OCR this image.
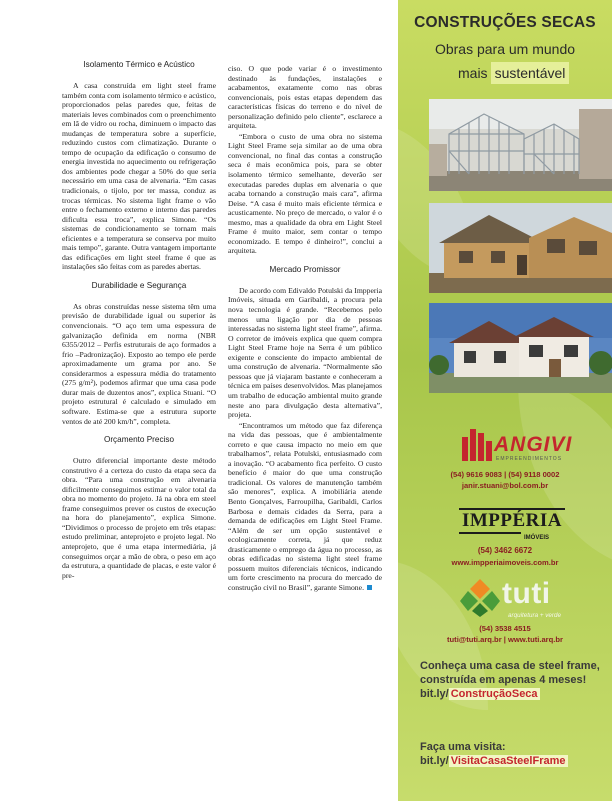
Isolamento Térmico e Acústico

A casa construída em light steel frame também conta com isolamento térmico e acústico, proporcionados pelas paredes que, feitas de materiais leves combinados com o preenchimento em lã de vidro ou rocha, diminuem o impacto das mudanças de temperatura sobre a superfície, reduzindo custos com climatização. Durante o tempo de ocupação da edificação o consumo de energia investida no aquecimento ou refrigeração dos ambientes pode chegar a 50% do que seria necessário em uma casa de alvenaria. “Em casas tradicionais, o tijolo, por ter massa, conduz as trocas térmicas. No sistema light frame o vão entre o fechamento externo e interno das paredes dificulta essa troca”, explica Simone. “Os sistemas de condicionamento se tornam mais eficientes e a temperatura se conserva por muito mais tempo”, garante. Outra vantagem importante das edificações em light steel frame é que as instalações são feitas com as paredes abertas.

Durabilidade e Segurança

As obras construídas nesse sistema têm uma previsão de durabilidade igual ou superior às convencionais. “O aço tem uma espessura de galvanização definida em norma (NBR 6355/2012 – Perfis estruturais de aço formados a frio –Padronização). Exposto ao tempo ele perde aproximadamente um grama por ano. Se considerarmos a espessura média do tratamento (275 g/m²), podemos afirmar que uma casa pode durar mais de duzentos anos”, explica Stuani. “O projeto estrutural é calculado e simulado em software. Estima-se que a estrutura suporte ventos de até 200 km/h”, completa.

Orçamento Preciso

Outro diferencial importante deste método construtivo é a certeza do custo da etapa seca da obra. “Para uma construção em alvenaria dificilmente conseguimos estimar o valor total da obra no momento do projeto. Já na obra em steel frame conseguimos prever os custos de execução na hora do planejamento”, explica Simone. “Dividimos o processo de projeto em três etapas: estudo preliminar, anteprojeto e projeto legal. No anteprojeto, que é uma etapa intermediária, já conseguimos orçar a mão de obra, o peso em aço da estrutura, a quantidade de placas, e este valor é pre-

ciso. O que pode variar é o investimento destinado às fundações, instalações e acabamentos, exatamente como nas obras convencionais, pois estas etapas dependem das características físicas do terreno e do nível de personalização definido pelo cliente”, esclarece a arquiteta.

“Embora o custo de uma obra no sistema Light Steel Frame seja similar ao de uma obra convencional, no final das contas a construção seca é mais econômica pois, para se obter isolamento térmico semelhante, deverão ser executadas paredes duplas em alvenaria o que acaba tornando a construção mais cara”, afirma Deise. “A casa é muito mais eficiente térmica e acusticamente. No preço de mercado, o valor é o mesmo, mas a qualidade da obra em Light Steel Frame é muito maior, sem contar o tempo economizado. E tempo é dinheiro!”, conclui a arquiteta.

Mercado Promissor

De acordo com Edivaldo Potulski da Impperia Imóveis, situada em Garibaldi, a procura pela nova tecnologia é grande. “Recebemos pelo menos uma ligação por dia de pessoas interessadas no sistema light steel frame”, afirma. O corretor de imóveis explica que quem compra Light Steel Frame hoje na Serra é um público exigente e consciente do impacto ambiental de uma construção de alvenaria. “Normalmente são pessoas que já viajaram bastante e conheceram a técnica em países desenvolvidos. Mas planejamos um trabalho de educação ambiental muito grande neste ano para divulgação desta alternativa”, projeta.

“Encontramos um método que faz diferença na vida das pessoas, que é ambientalmente correto e que causa impacto no meio em que trabalhamos”, relata Potulski, entusiasmado com a inovação. “O acabamento fica perfeito. O custo benefício é maior do que uma construção tradicional. Os valores de manutenção também são menores”, explica. A imobiliária atende Bento Gonçalves, Farroupilha, Garibaldi, Carlos Barbosa e demais cidades da Serra, para a demanda de edificações em Light Steel Frame. “Além de ser um opção sustentável e ecologicamente correta, já que reduz drasticamente o emprego da água no processo, as obras edificadas no sistema light steel frame possuem muitos diferenciais técnicos, indicando um forte crescimento na procura do mercado de construção civil no Brasil”, garante Simone.

CONSTRUÇÕES SECAS
Obras para um mundo
mais sustentável
ANGIVI
EMPREENDIMENTOS
(54) 9616 9083 | (54) 9118 0002
janir.stuani@bol.com.br
IMPPÉRIA
IMÓVEIS
(54) 3462 6672
www.impperiaimoveis.com.br
tuti
arquitetura + verde
(54) 3538 4515
tuti@tuti.arq.br | www.tuti.arq.br
Conheça uma casa de steel frame, construída em apenas 4 meses!
bit.ly/ ConstruçãoSeca
Faça uma visita:
bit.ly/ VisitaCasaSteelFrame
